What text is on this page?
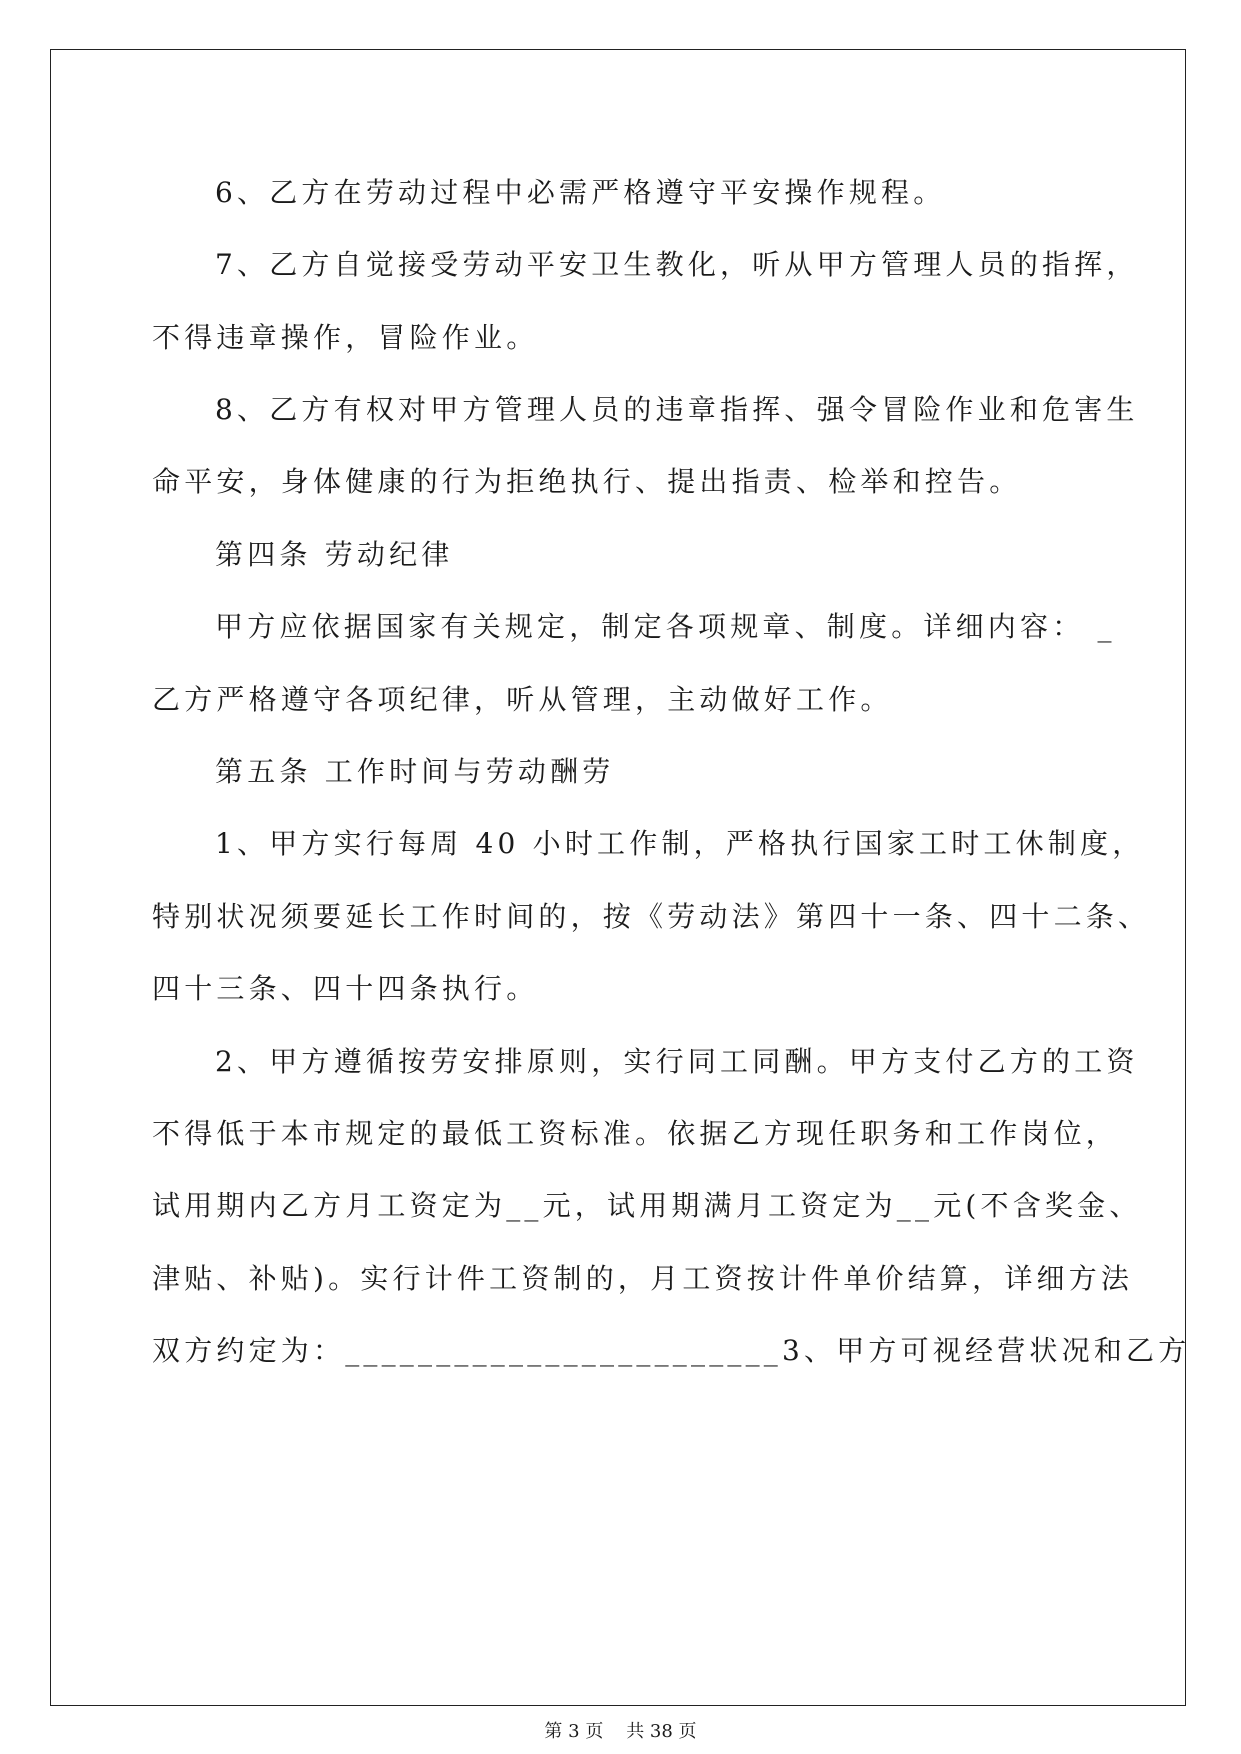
6、乙方在劳动过程中必需严格遵守平安操作规程。
7、乙方自觉接受劳动平安卫生教化，听从甲方管理人员的指挥，
不得违章操作，冒险作业。
8、乙方有权对甲方管理人员的违章指挥、强令冒险作业和危害生
命平安，身体健康的行为拒绝执行、提出指责、检举和控告。
第四条 劳动纪律
甲方应依据国家有关规定，制定各项规章、制度。详细内容： _
乙方严格遵守各项纪律，听从管理，主动做好工作。
第五条 工作时间与劳动酬劳
1、甲方实行每周 40 小时工作制，严格执行国家工时工休制度，
特别状况须要延长工作时间的，按《劳动法》第四十一条、四十二条、
四十三条、四十四条执行。
2、甲方遵循按劳安排原则，实行同工同酬。甲方支付乙方的工资
不得低于本市规定的最低工资标准。依据乙方现任职务和工作岗位，
试用期内乙方月工资定为__元，试用期满月工资定为__元(不含奖金、
津贴、补贴)。实行计件工资制的，月工资按计件单价结算，详细方法
双方约定为：________________________3、甲方可视经营状况和乙方
第 3 页    共 38 页
